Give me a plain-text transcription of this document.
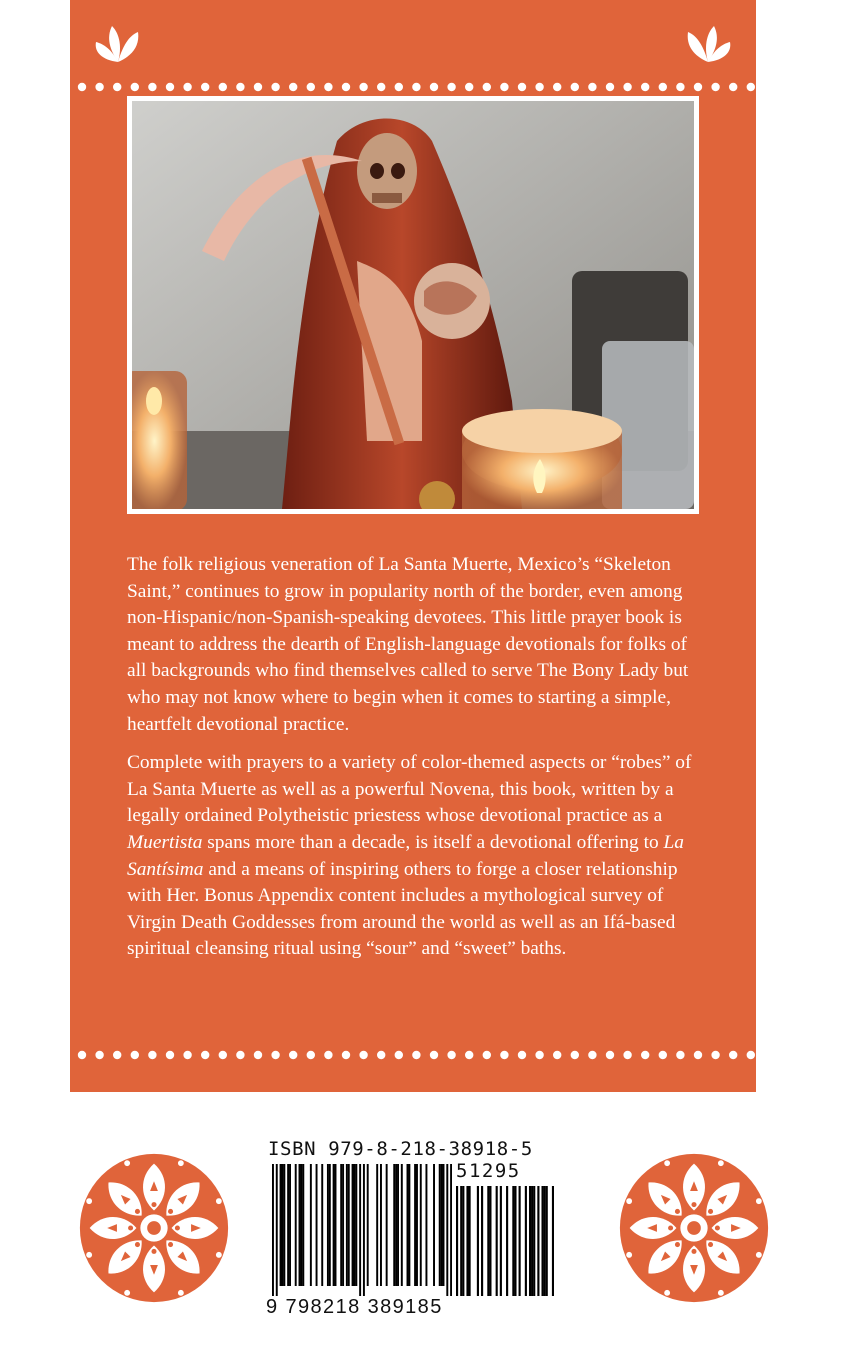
The folk religious veneration of La Santa Muerte, Mexico’s “Skeleton Saint,” continues to grow in popularity north of the border, even among non-Hispanic/non-Spanish-speaking devotees. This little prayer book is meant to address the dearth of English-language devotionals for folks of all backgrounds who find themselves called to serve The Bony Lady but who may not know where to begin when it comes to starting a simple, heartfelt devotional practice.

Complete with prayers to a variety of color-themed aspects or “robes” of La Santa Muerte as well as a powerful Novena, this book, written by a legally ordained Polytheistic priestess whose devotional practice as a Muertista spans more than a decade, is itself a devotional offering to La Santísima and a means of inspiring others to forge a closer relationship with Her. Bonus Appendix content includes a mythological survey of Virgin Death Goddesses from around the world as well as an Ifá-based spiritual cleansing ritual using “sour” and “sweet” baths.

ISBN 979-8-218-38918-5
51295
9 798218 389185
